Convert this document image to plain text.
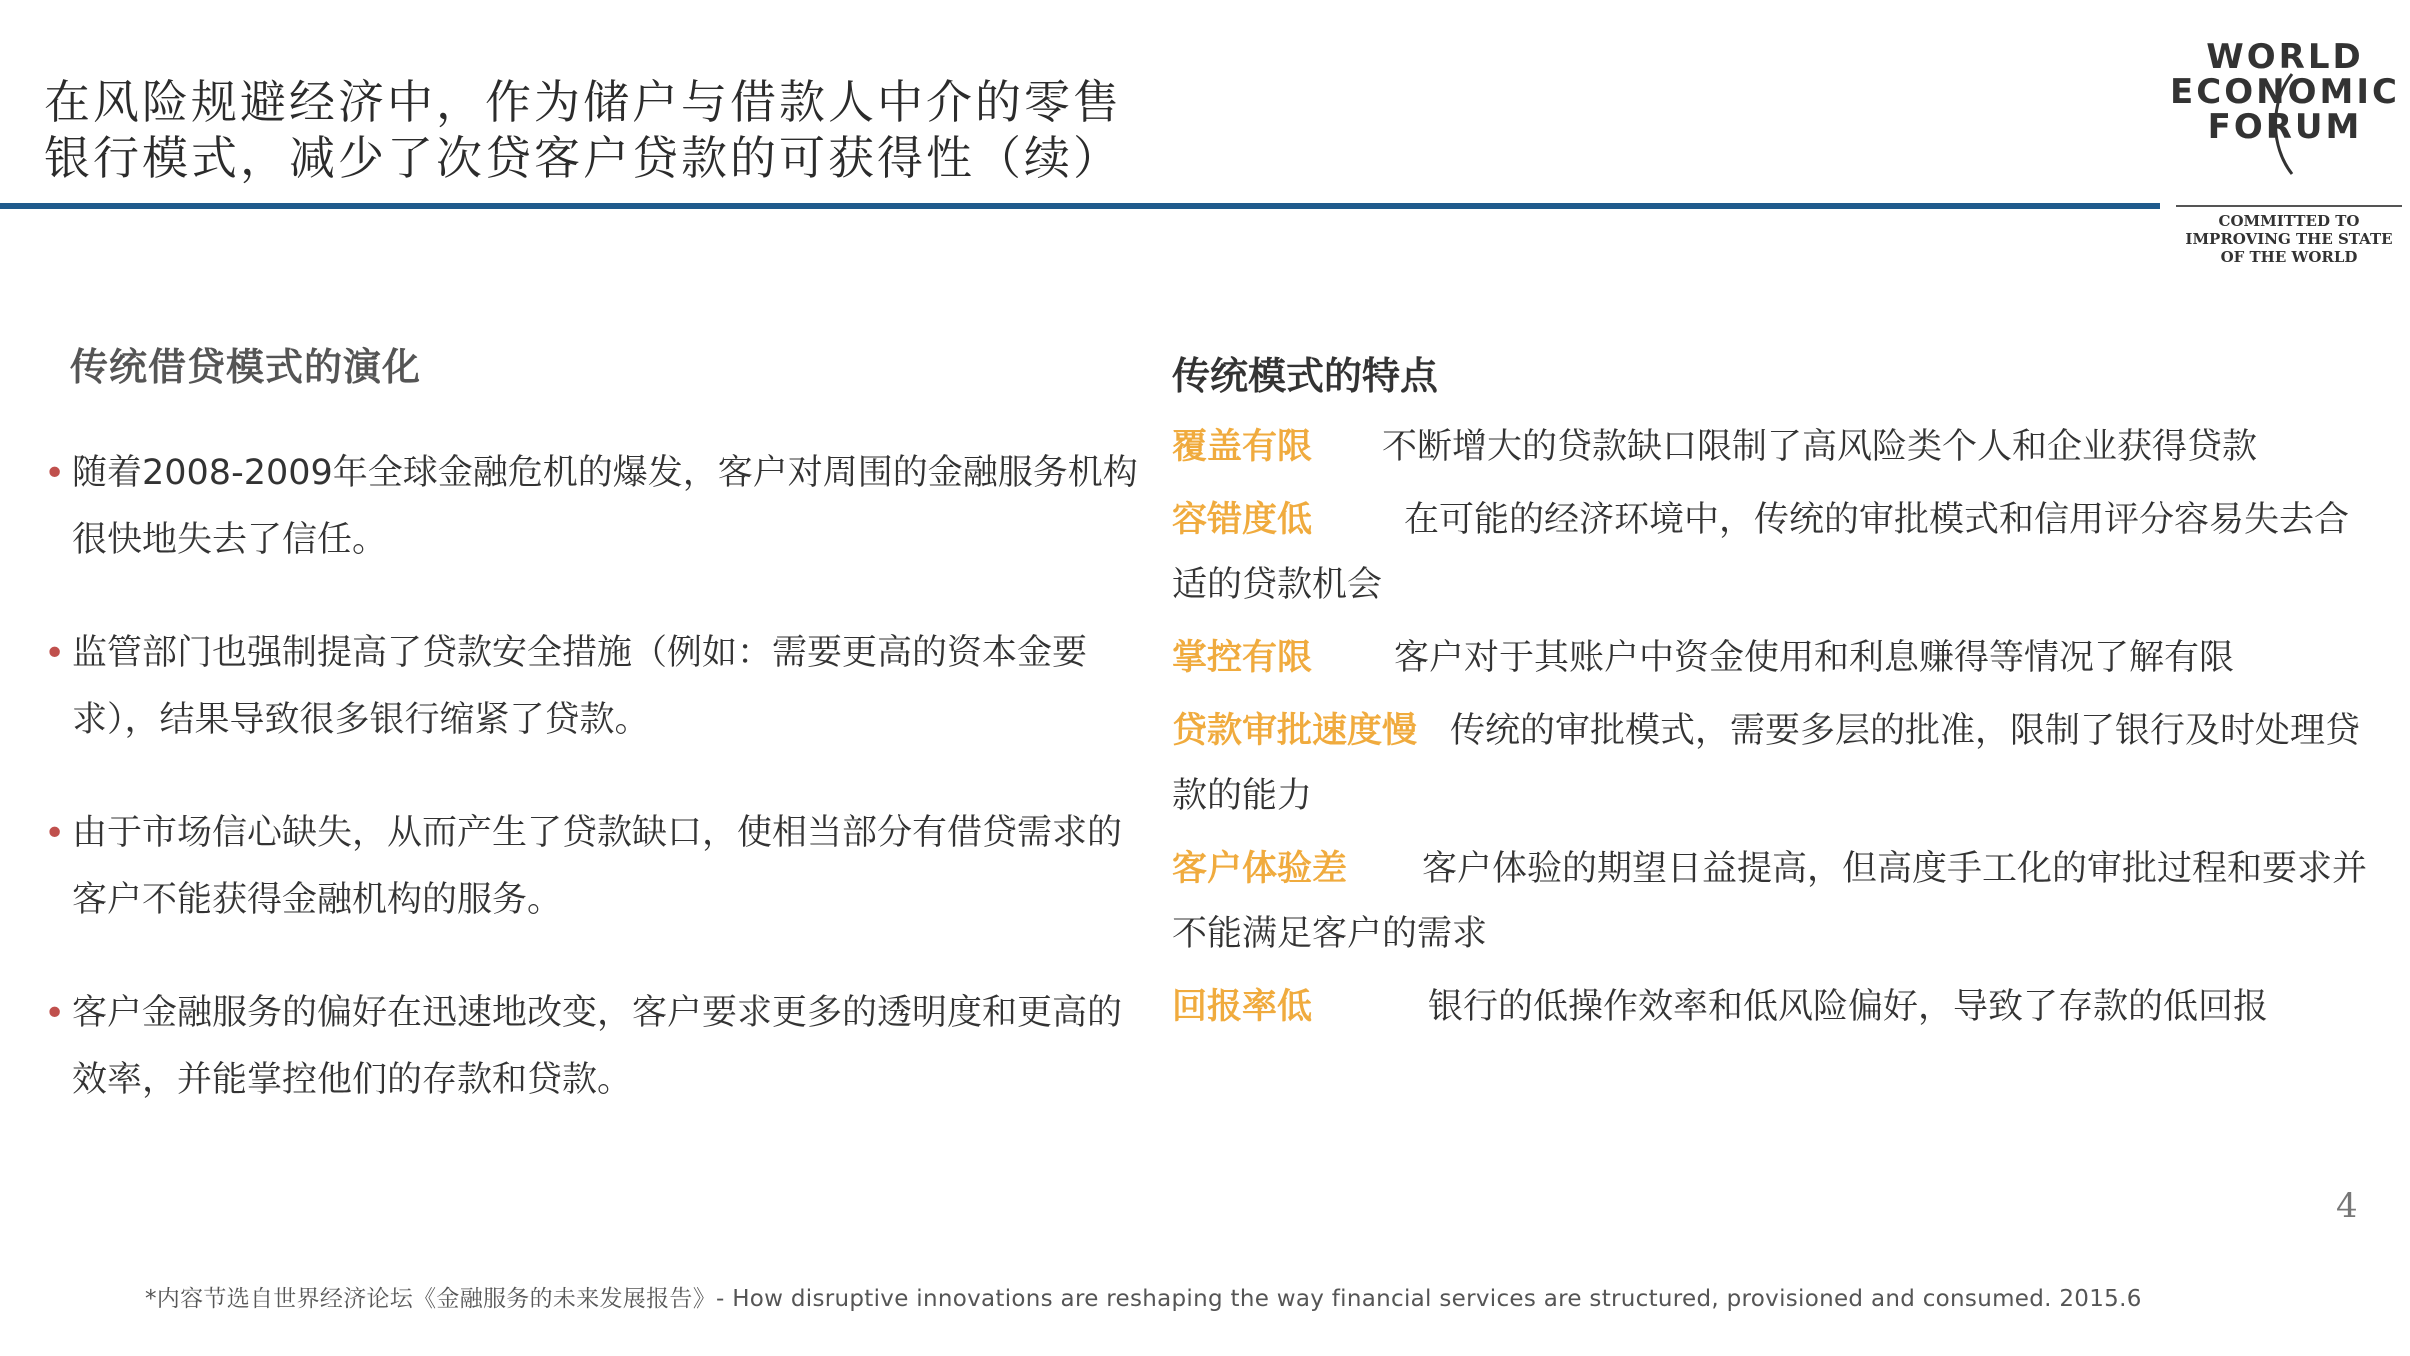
在风险规避经济中，作为储户与借款人中介的零售
银行模式，减少了次贷客户贷款的可获得性（续）
WORLD
ECONOMIC
FORUM
COMMITTED TO
IMPROVING THE STATE
OF THE WORLD
传统借贷模式的演化
• 随着2008-2009年全球金融危机的爆发，客户对周围的金融服务机构很快地失去了信任。
• 监管部门也强制提高了贷款安全措施（例如：需要更高的资本金要求），结果导致很多银行缩紧了贷款。
• 由于市场信心缺失，从而产生了贷款缺口，使相当部分有借贷需求的客户不能获得金融机构的服务。
• 客户金融服务的偏好在迅速地改变，客户要求更多的透明度和更高的效率，并能掌控他们的存款和贷款。
传统模式的特点
覆盖有限 不断增大的贷款缺口限制了高风险类个人和企业获得贷款
容错度低	在可能的经济环境中，传统的审批模式和信用评分容易失去合适的贷款机会
掌控有限 客户对于其账户中资金使用和利息赚得等情况了解有限
贷款审批速度慢 传统的审批模式，需要多层的批准，限制了银行及时处理贷款的能力
客户体验差 客户体验的期望日益提高，但高度手工化的审批过程和要求并不能满足客户的需求
回报率低	银行的低操作效率和低风险偏好，导致了存款的低回报
4
*内容节选自世界经济论坛《金融服务的未来发展报告》- How disruptive innovations are reshaping the way financial services are structured, provisioned and consumed. 2015.6
